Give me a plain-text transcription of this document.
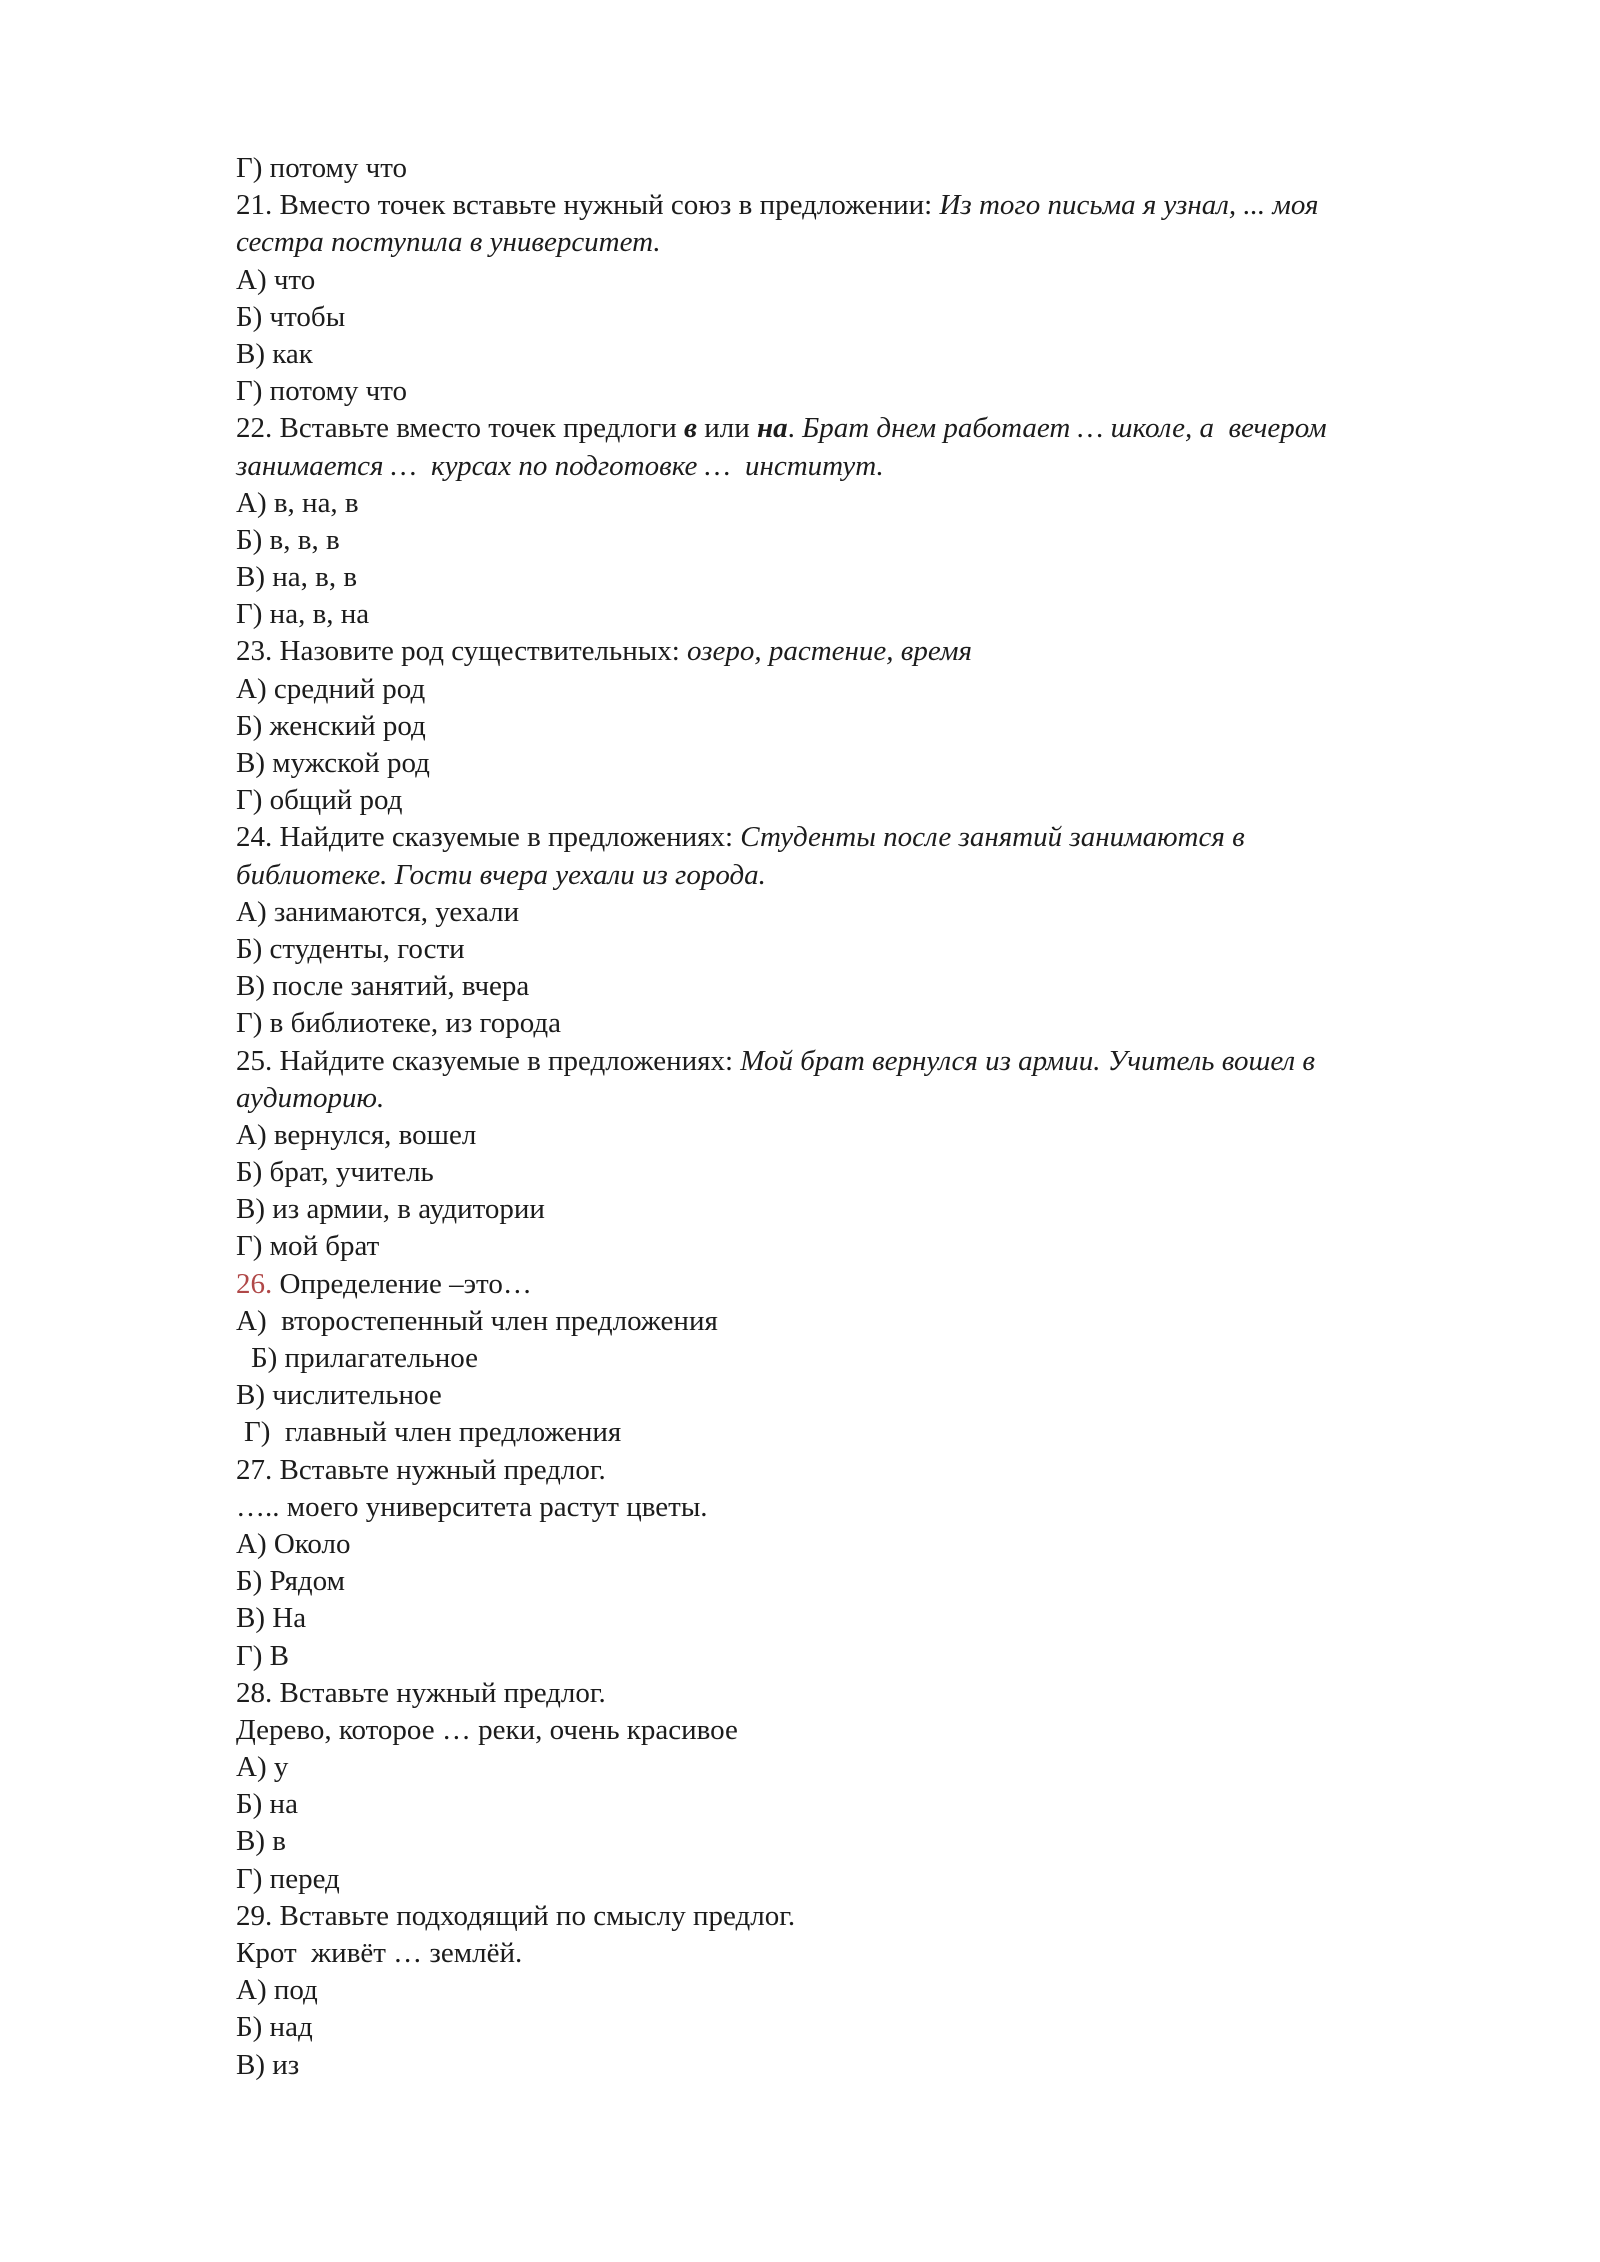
Г) потому что
21. Вместо точек вставьте нужный союз в предложении: Из того письма я узнал, ... моя
сестра поступила в университет.
А) что
Б) чтобы
В) как
Г) потому что
22. Вставьте вместо точек предлоги в или на. Брат днем работает … школе, а  вечером
занимается …  курсах по подготовке …  институт.
А) в, на, в
Б) в, в, в
В) на, в, в
Г) на, в, на
23. Назовите род существительных: озеро, растение, время
А) средний род
Б) женский род
В) мужской род
Г) общий род
24. Найдите сказуемые в предложениях: Студенты после занятий занимаются в
библиотеке. Гости вчера уехали из города.
А) занимаются, уехали
Б) студенты, гости
В) после занятий, вчера
Г) в библиотеке, из города
25. Найдите сказуемые в предложениях: Мой брат вернулся из армии. Учитель вошел в
аудиторию.
А) вернулся, вошел
Б) брат, учитель
В) из армии, в аудитории
Г) мой брат
26. Определение –это…
А)  второстепенный член предложения
Б) прилагательное
В) числительное
Г)  главный член предложения
27. Вставьте нужный предлог.
….. моего университета растут цветы.
А) Около
Б) Рядом
В) На
Г) В
28. Вставьте нужный предлог.
Дерево, которое … реки, очень красивое
А) у
Б) на
В) в
Г) перед
29. Вставьте подходящий по смыслу предлог.
Крот  живёт … землёй.
А) под
Б) над
В) из
